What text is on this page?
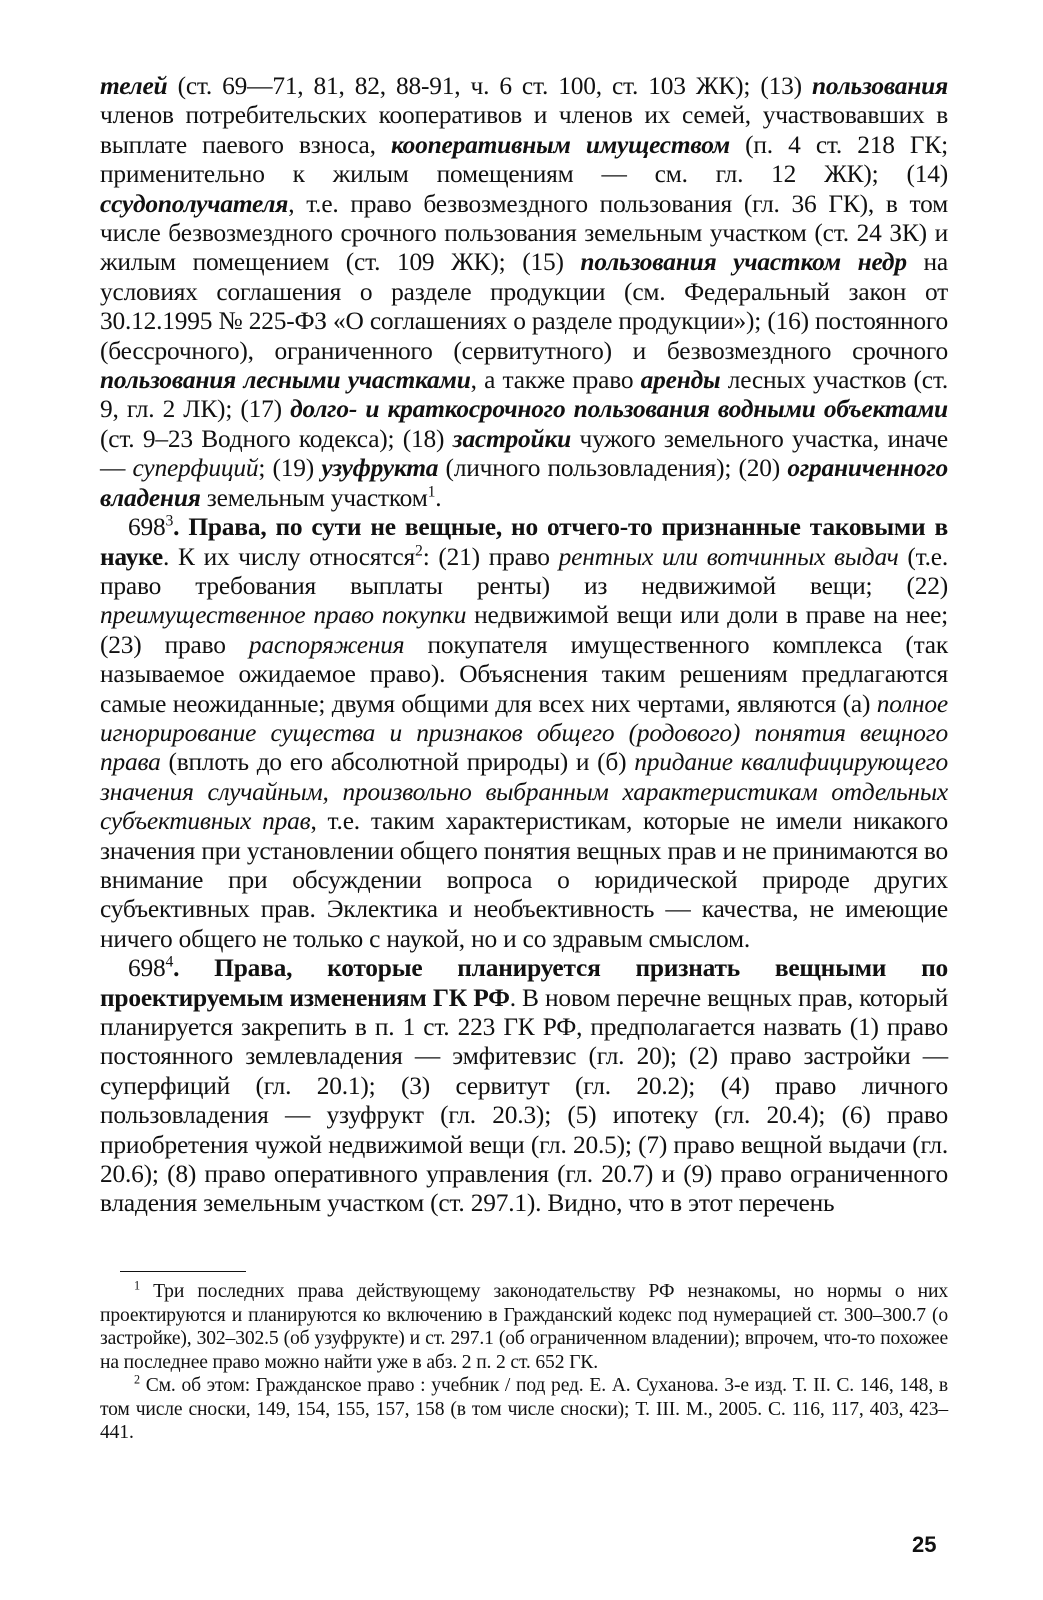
телей (ст. 69—71, 81, 82, 88-91, ч. 6 ст. 100, ст. 103 ЖК); (13) пользования членов потребительских кооперативов и членов их семей, участвовавших в выплате паевого взноса, кооперативным имуществом (п. 4 ст. 218 ГК; применительно к жилым помещениям — см. гл. 12 ЖК); (14) ссудополучателя, т.е. право безвозмездного пользования (гл. 36 ГК), в том числе безвозмездного срочного пользования земельным участком (ст. 24 ЗК) и жилым помещением (ст. 109 ЖК); (15) пользования участком недр на условиях соглашения о разделе продукции (см. Федеральный закон от 30.12.1995 № 225-ФЗ «О соглашениях о разделе продукции»); (16) постоянного (бессрочного), ограниченного (сервитутного) и безвозмездного срочного пользования лесными участками, а также право аренды лесных участков (ст. 9, гл. 2 ЛК); (17) долго- и краткосрочного пользования водными объектами (ст. 9–23 Водного кодекса); (18) застройки чужого земельного участка, иначе — суперфиций; (19) узуфрукта (личного пользовладения); (20) ограниченного владения земельным участком$^1$.

$698^3$. Права, по сути не вещные, но отчего-то признанные таковыми в науке. К их числу относятся$^2$: (21) право рентных или вотчинных выдач (т.е. право требования выплаты ренты) из недвижимой вещи; (22) преимущественное право покупки недвижимой вещи или доли в праве на нее; (23) право распоряжения покупателя имущественного комплекса (так называемое ожидаемое право). Объяснения таким решениям предлагаются самые неожиданные; двумя общими для всех них чертами, являются (а) полное игнорирование существа и признаков общего (родового) понятия вещного права (вплоть до его абсолютной природы) и (б) придание квалифицирующего значения случайным, произвольно выбранным характеристикам отдельных субъективных прав, т.е. таким характеристикам, которые не имели никакого значения при установлении общего понятия вещных прав и не принимаются во внимание при обсуждении вопроса о юридической природе других субъективных прав. Эклектика и необъективность — качества, не имеющие ничего общего не только с наукой, но и со здравым смыслом.

$698^4$. Права, которые планируется признать вещными по проектируемым изменениям ГК РФ. В новом перечне вещных прав, который планируется закрепить в п. 1 ст. 223 ГК РФ, предполагается назвать (1) право постоянного землевладения — эмфитевзис (гл. 20); (2) право застройки — суперфиций (гл. 20.1); (3) сервитут (гл. 20.2); (4) право личного пользовладения — узуфрукт (гл. 20.3); (5) ипотеку (гл. 20.4); (6) право приобретения чужой недвижимой вещи (гл. 20.5); (7) право вещной выдачи (гл. 20.6); (8) право оперативного управления (гл. 20.7) и (9) право ограниченного владения земельным участком (ст. 297.1). Видно, что в этот перечень

$^1$ Три последних права действующему законодательству РФ незнакомы, но нормы о них проектируются и планируются ко включению в Гражданский кодекс под нумерацией ст. 300–300.7 (о застройке), 302–302.5 (об узуфрукте) и ст. 297.1 (об ограниченном владении); впрочем, что-то похожее на последнее право можно найти уже в абз. 2 п. 2 ст. 652 ГК.

$^2$ См. об этом: Гражданское право : учебник / под ред. Е. А. Суханова. 3-е изд. Т. II. С. 146, 148, в том числе сноски, 149, 154, 155, 157, 158 (в том числе сноски); Т. III. М., 2005. С. 116, 117, 403, 423–441.

25
